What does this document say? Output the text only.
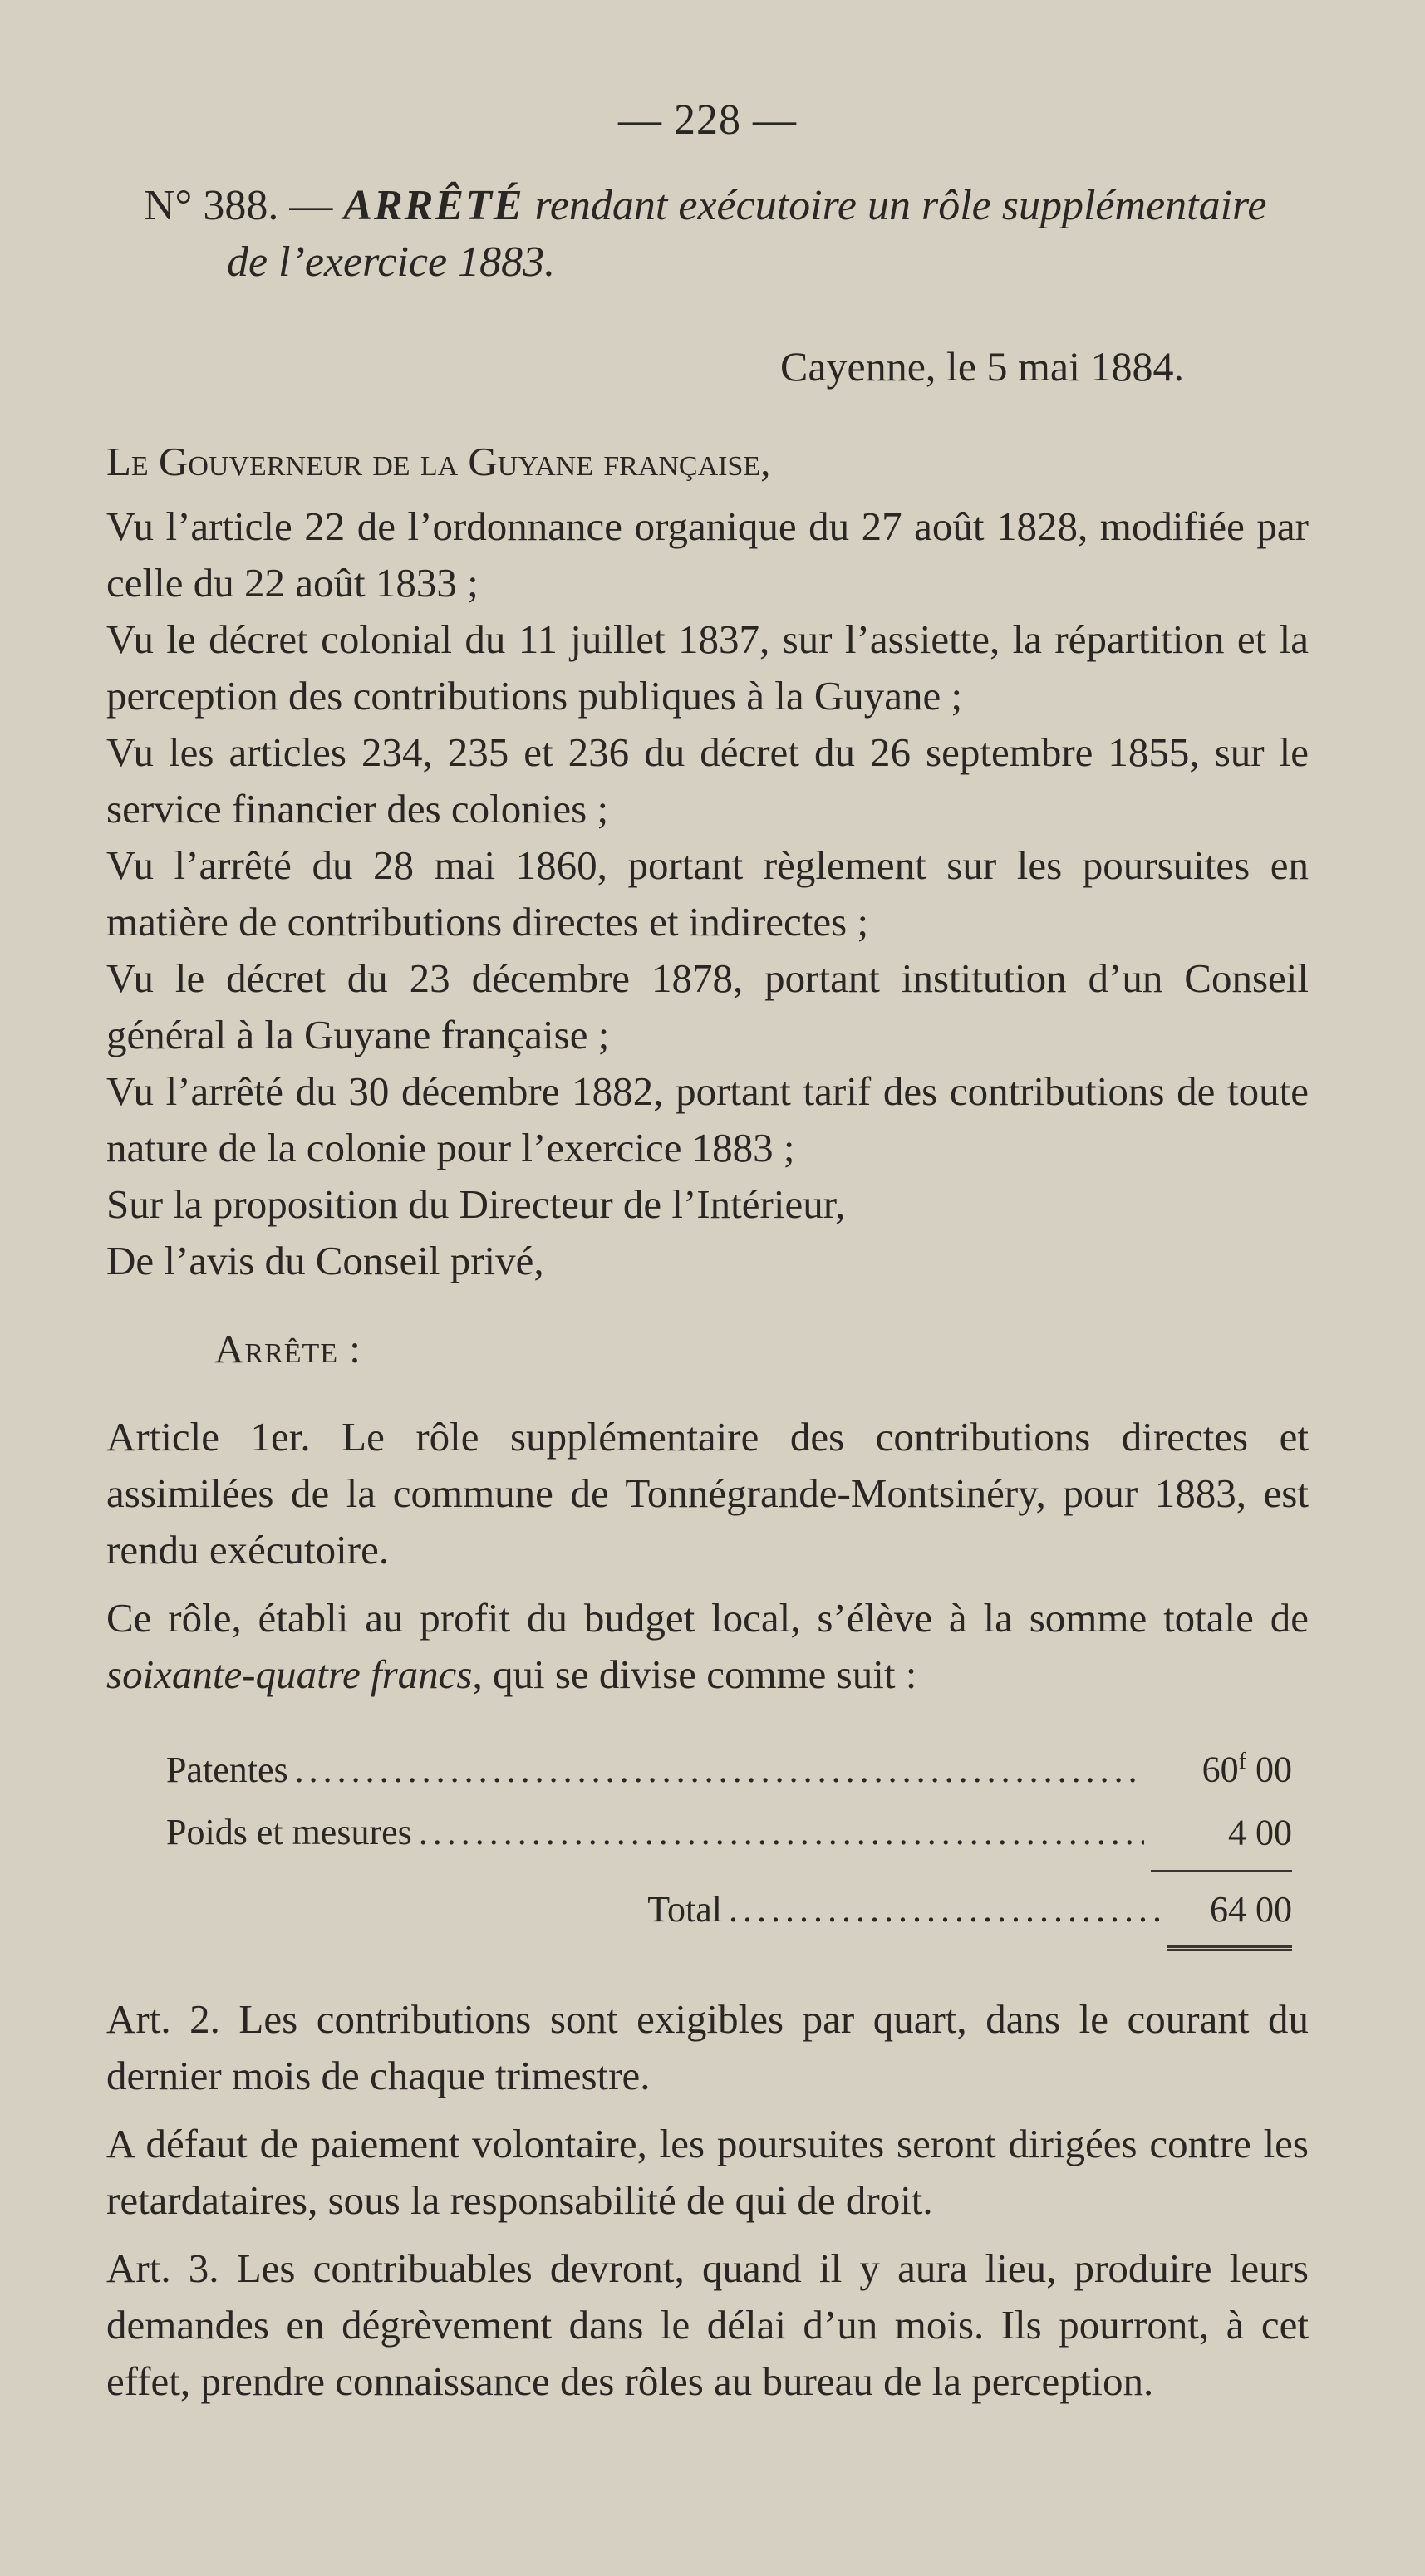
— 228 —
N° 388. — ARRÊTÉ rendant exécutoire un rôle supplémentaire de l’exercice 1883.
Cayenne, le 5 mai 1884.

Le Gouverneur de la Guyane française,

Vu l’article 22 de l’ordonnance organique du 27 août 1828, modifiée par celle du 22 août 1833 ;

Vu le décret colonial du 11 juillet 1837, sur l’assiette, la répartition et la perception des contributions publiques à la Guyane ;

Vu les articles 234, 235 et 236 du décret du 26 septembre 1855, sur le service financier des colonies ;

Vu l’arrêté du 28 mai 1860, portant règlement sur les poursuites en matière de contributions directes et indirectes ;

Vu le décret du 23 décembre 1878, portant institution d’un Conseil général à la Guyane française ;

Vu l’arrêté du 30 décembre 1882, portant tarif des contributions de toute nature de la colonie pour l’exercice 1883 ;

Sur la proposition du Directeur de l’Intérieur,

De l’avis du Conseil privé,

Arrête :

Article 1er. Le rôle supplémentaire des contributions directes et assimilées de la commune de Tonnégrande-Montsinéry, pour 1883, est rendu exécutoire.

Ce rôle, établi au profit du budget local, s’élève à la somme totale de soixante-quatre francs, qui se divise comme suit :

Patentes .....	60$^f$ 00
Poids et mesures .....	4 00
Total .....	64 00

Art. 2. Les contributions sont exigibles par quart, dans le courant du dernier mois de chaque trimestre.

A défaut de paiement volontaire, les poursuites seront dirigées contre les retardataires, sous la responsabilité de qui de droit.

Art. 3. Les contribuables devront, quand il y aura lieu, produire leurs demandes en dégrèvement dans le délai d’un mois. Ils pourront, à cet effet, prendre connaissance des rôles au bureau de la perception.
